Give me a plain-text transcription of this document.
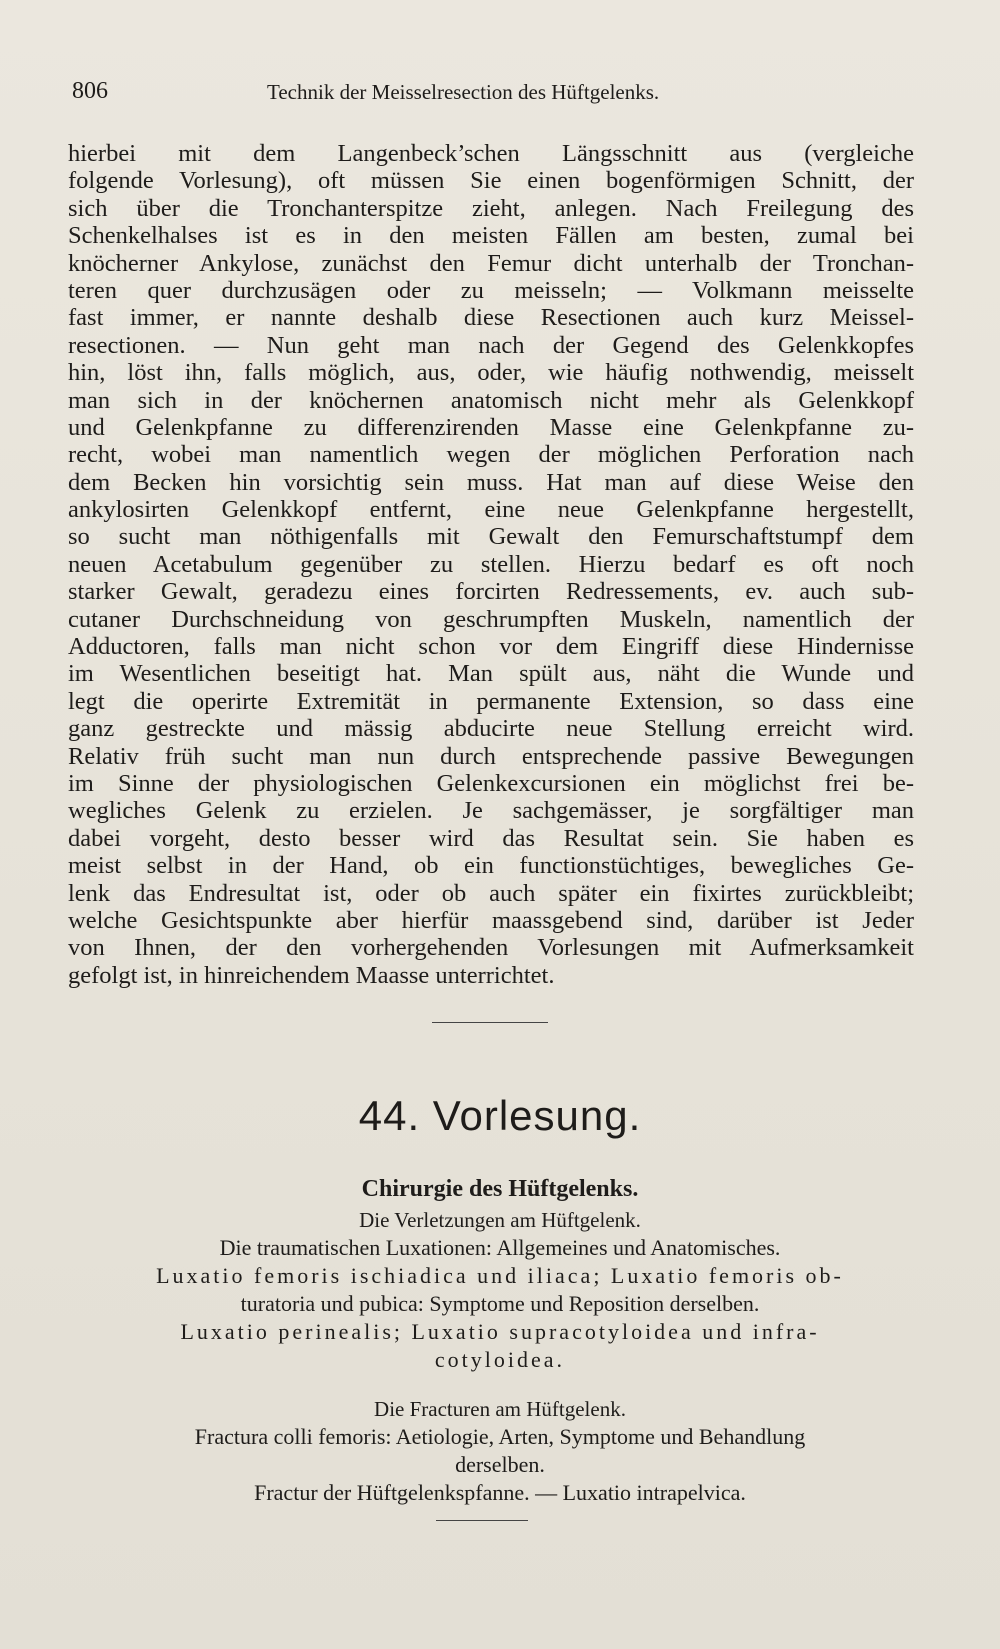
806	Technik der Meisselresection des Hüftgelenks.
hierbei mit dem Langenbeck’schen Längsschnitt aus (vergleiche
folgende Vorlesung), oft müssen Sie einen bogenförmigen Schnitt, der
sich über die Tronchanterspitze zieht, anlegen. Nach Freilegung des
Schenkelhalses ist es in den meisten Fällen am besten, zumal bei
knöcherner Ankylose, zunächst den Femur dicht unterhalb der Tronchan-
teren quer durchzusägen oder zu meisseln; — Volkmann meisselte
fast immer, er nannte deshalb diese Resectionen auch kurz Meissel-
resectionen. — Nun geht man nach der Gegend des Gelenkkopfes
hin, löst ihn, falls möglich, aus, oder, wie häufig nothwendig, meisselt
man sich in der knöchernen anatomisch nicht mehr als Gelenkkopf
und Gelenkpfanne zu differenzirenden Masse eine Gelenkpfanne zu-
recht, wobei man namentlich wegen der möglichen Perforation nach
dem Becken hin vorsichtig sein muss. Hat man auf diese Weise den
ankylosirten Gelenkkopf entfernt, eine neue Gelenkpfanne hergestellt,
so sucht man nöthigenfalls mit Gewalt den Femurschaftstumpf dem
neuen Acetabulum gegenüber zu stellen. Hierzu bedarf es oft noch
starker Gewalt, geradezu eines forcirten Redressements, ev. auch sub-
cutaner Durchschneidung von geschrumpften Muskeln, namentlich der
Adductoren, falls man nicht schon vor dem Eingriff diese Hindernisse
im Wesentlichen beseitigt hat. Man spült aus, näht die Wunde und
legt die operirte Extremität in permanente Extension, so dass eine
ganz gestreckte und mässig abducirte neue Stellung erreicht wird.
Relativ früh sucht man nun durch entsprechende passive Bewegungen
im Sinne der physiologischen Gelenkexcursionen ein möglichst frei be-
wegliches Gelenk zu erzielen. Je sachgemässer, je sorgfältiger man
dabei vorgeht, desto besser wird das Resultat sein. Sie haben es
meist selbst in der Hand, ob ein functionstüchtiges, bewegliches Ge-
lenk das Endresultat ist, oder ob auch später ein fixirtes zurückbleibt;
welche Gesichtspunkte aber hierfür maassgebend sind, darüber ist Jeder
von Ihnen, der den vorhergehenden Vorlesungen mit Aufmerksamkeit
gefolgt ist, in hinreichendem Maasse unterrichtet.
44. Vorlesung.
Chirurgie des Hüftgelenks.
Die Verletzungen am Hüftgelenk.
Die traumatischen Luxationen: Allgemeines und Anatomisches.
Luxatio femoris ischiadica und iliaca; Luxatio femoris ob-
turatoria und pubica: Symptome und Reposition derselben.
Luxatio perinealis; Luxatio supracotyloidea und infra-
cotyloidea.
Die Fracturen am Hüftgelenk.
Fractura colli femoris: Aetiologie, Arten, Symptome und Behandlung
derselben.
Fractur der Hüftgelenkspfanne. — Luxatio intrapelvica.
